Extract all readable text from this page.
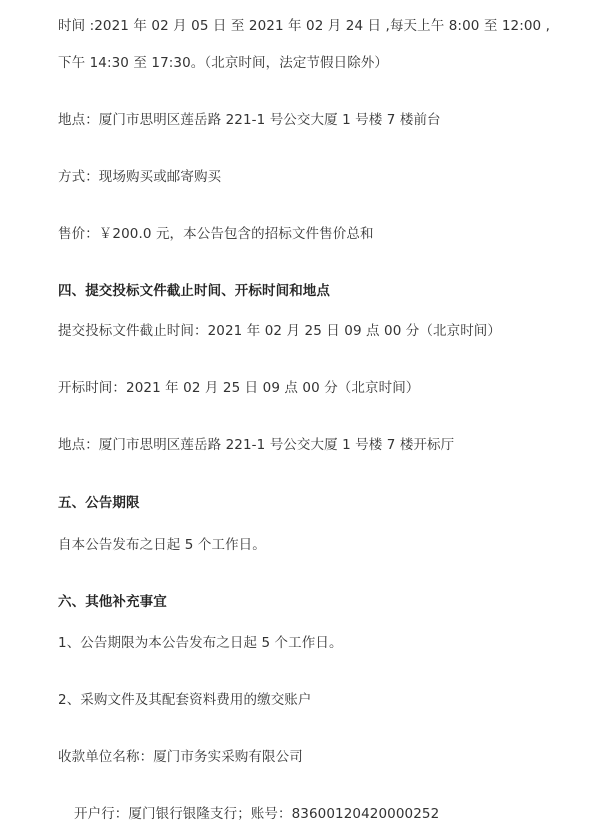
时间 :2021 年 02 月 05 日 至 2021 年 02 月 24 日 ,每天上午 8:00 至 12:00 ,
下午 14:30 至 17:30。（北京时间，法定节假日除外）
地点：厦门市思明区莲岳路 221-1 号公交大厦 1 号楼 7 楼前台
方式：现场购买或邮寄购买
售价：￥200.0 元，本公告包含的招标文件售价总和
四、提交投标文件截止时间、开标时间和地点
提交投标文件截止时间：2021 年 02 月 25 日 09 点 00 分（北京时间）
开标时间：2021 年 02 月 25 日 09 点 00 分（北京时间）
地点：厦门市思明区莲岳路 221-1 号公交大厦 1 号楼 7 楼开标厅
五、公告期限
自本公告发布之日起 5 个工作日。
六、其他补充事宜
1、公告期限为本公告发布之日起 5 个工作日。
2、采购文件及其配套资料费用的缴交账户
收款单位名称：厦门市务实采购有限公司
开户行：厦门银行银隆支行；账号：83600120420000252
